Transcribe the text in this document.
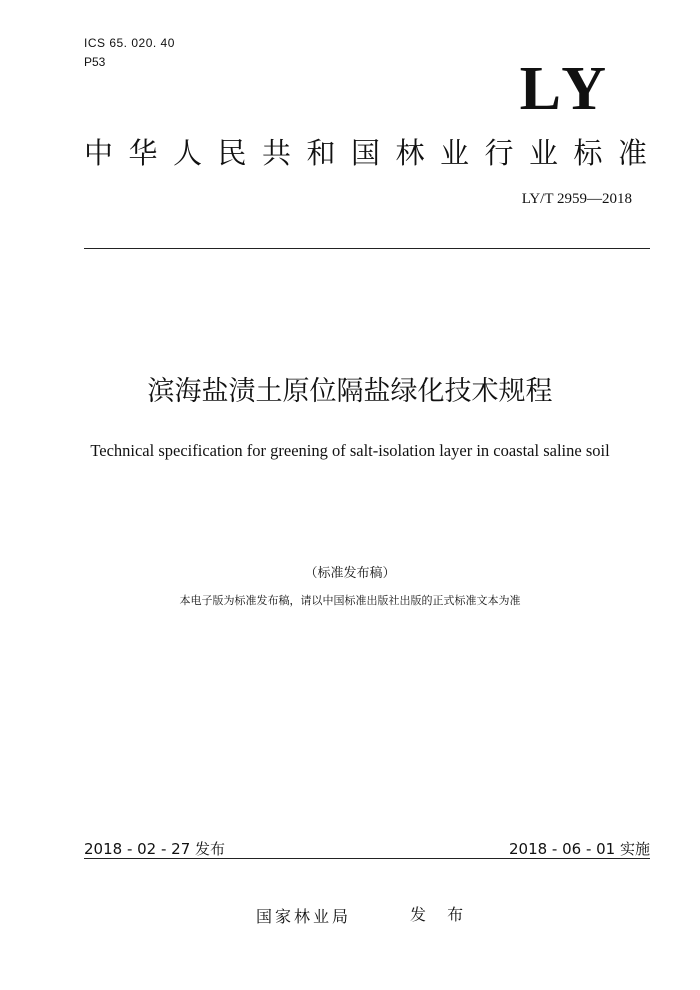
ICS 65. 020. 40
P53	LY
中华人民共和国林业行业标准
LY/T 2959—2018
滨海盐渍土原位隔盐绿化技术规程
Technical specification for greening of salt-isolation layer in coastal saline soil
（标准发布稿）
本电子版为标准发布稿，请以中国标准出版社出版的正式标准文本为准
2018 - 02 - 27 发布	2018 - 06 - 01 实施
国家林业局	发 布
